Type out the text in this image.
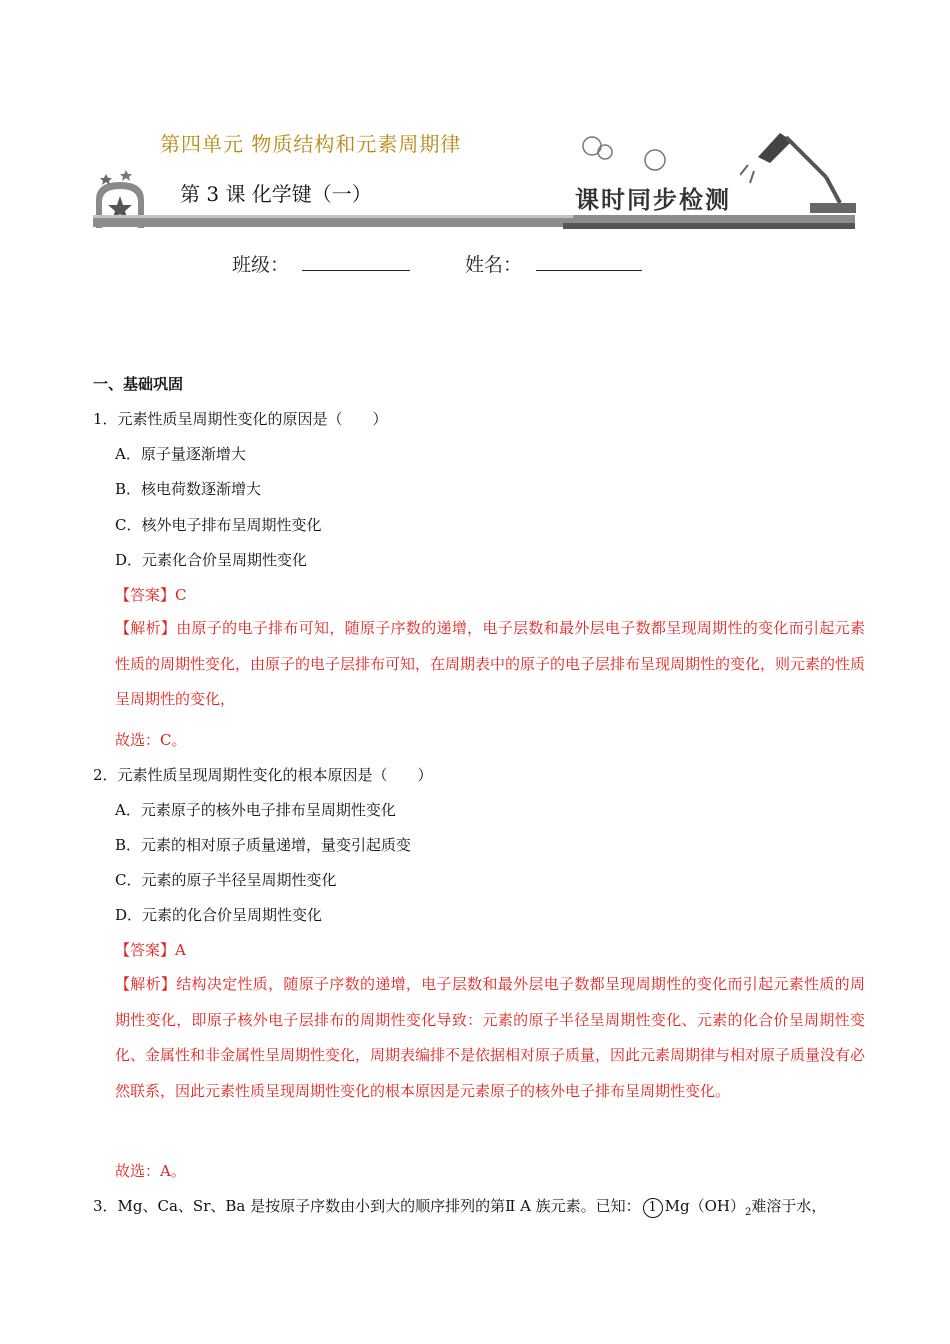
第四单元 物质结构和元素周期律
第 3 课 化学键（一）	课时同步检测
班级：	姓名：
一、基础巩固
1．元素性质呈周期性变化的原因是（　　）
A．原子量逐渐增大
B．核电荷数逐渐增大
C．核外电子排布呈周期性变化
D．元素化合价呈周期性变化
【答案】C
【解析】由原子的电子排布可知，随原子序数的递增，电子层数和最外层电子数都呈现周期性的变化而引起元素性质的周期性变化，由原子的电子层排布可知，在周期表中的原子的电子层排布呈现周期性的变化，则元素的性质呈周期性的变化，
故选：C。
2．元素性质呈现周期性变化的根本原因是（　　）
A．元素原子的核外电子排布呈周期性变化
B．元素的相对原子质量递增，量变引起质变
C．元素的原子半径呈周期性变化
D．元素的化合价呈周期性变化
【答案】A
【解析】结构决定性质，随原子序数的递增，电子层数和最外层电子数都呈现周期性的变化而引起元素性质的周期性变化，即原子核外电子层排布的周期性变化导致：元素的原子半径呈周期性变化、元素的化合价呈周期性变化、金属性和非金属性呈周期性变化，周期表编排不是依据相对原子质量，因此元素周期律与相对原子质量没有必然联系，因此元素性质呈现周期性变化的根本原因是元素原子的核外电子排布呈周期性变化。
故选：A。
3．Mg、Ca、Sr、Ba 是按原子序数由小到大的顺序排列的第Ⅱ A 族元素。已知： 1 $Mg(OH)_2$难溶于水，
